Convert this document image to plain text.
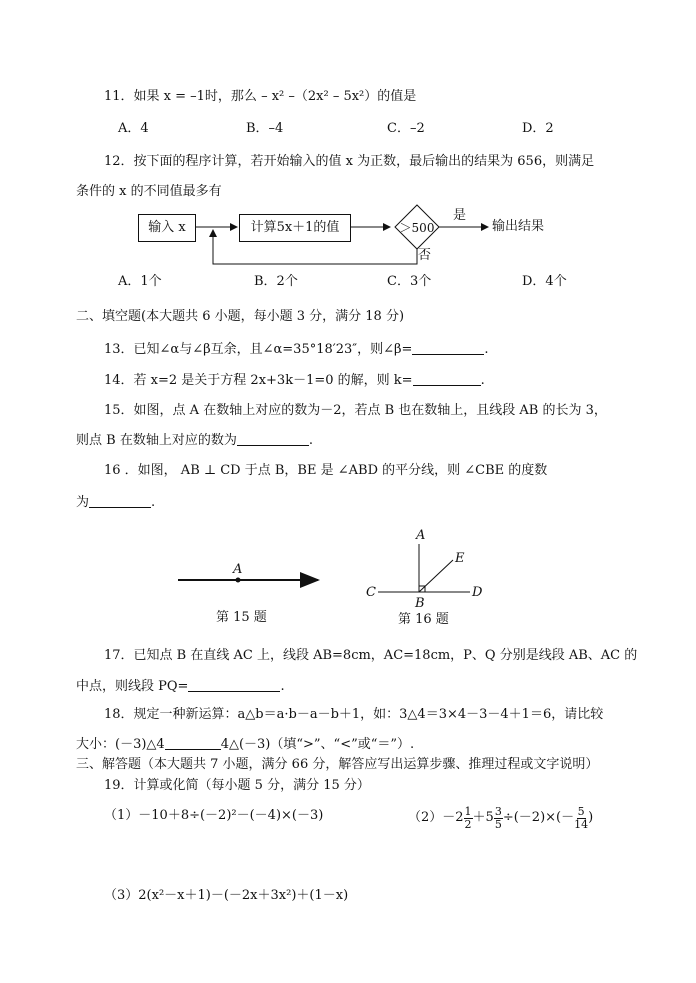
11．如果 x = –1时，那么 – x² –（2x² – 5x²）的值是
A．4	B．–4	C．–2	D．2
12．按下面的程序计算，若开始输入的值 x 为正数，最后输出的结果为 656，则满足
条件的 x 的不同值最多有
输入 x	计算5x＋1的值	＞500
是
输出结果
否
A．1个	B．2个	C．3个	D．4个
二、填空题(本大题共 6 小题，每小题 3 分，满分 18 分)
13．已知∠α与∠β互余，且∠α=35°18′23″，则∠β=	.
14．若 x=2 是关于方程 2x+3k－1=0 的解，则 k=	.
15．如图，点 A 在数轴上对应的数为－2，若点 B 也在数轴上，且线段 AB 的长为 3，
则点 B 在数轴上对应的数为	.
16 ．如图， AB ⊥ CD 于点 B，BE 是 ∠ABD 的平分线，则 ∠CBE 的度数
为	.
A
第 15 题
A
E
C
B
D
第 16 题
17．已知点 B 在直线 AC 上，线段 AB=8cm，AC=18cm，P、Q 分别是线段 AB、AC 的
中点，则线段 PQ=	.
18．规定一种新运算：a△b＝a·b－a－b＋1，如：3△4＝3×4－3－4＋1＝6，请比较
大小：(－3)△4	4△(－3)（填“>”、“<”或“＝”）.
三、解答题（本大题共 7 小题，满分 66 分，解答应写出运算步骤、推理过程或文字说明）
19．计算或化简（每小题 5 分，满分 15 分）
（1）－10＋8÷(－2)²－(－4)×(－3)	$(2)-2 \frac{1}{2} +5 \frac{3}{5} \div(-2)\times(- \frac{5}{14}$ )
（3）2(x²－x＋1)－(－2x＋3x²)＋(1－x)
